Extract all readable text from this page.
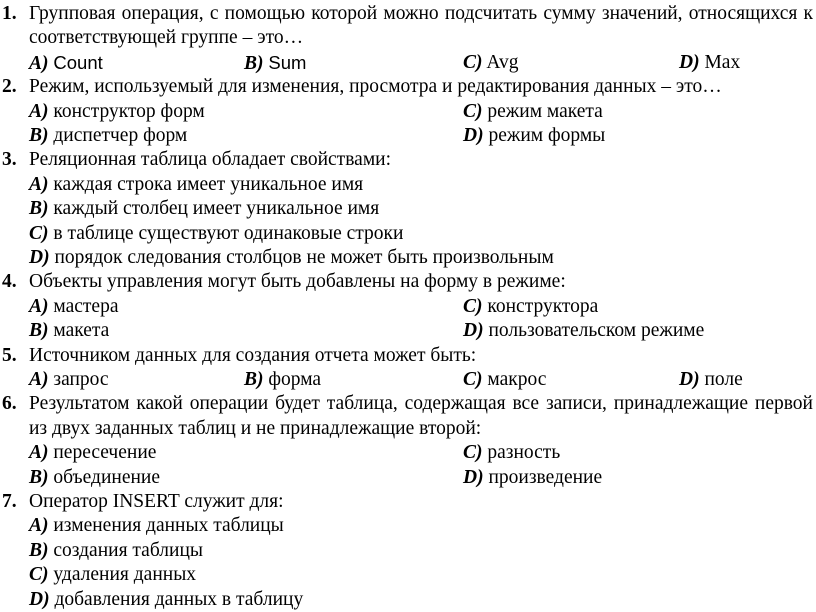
1. Групповая операция, с помощью которой можно подсчитать сумму значений, относящихся к соответствующей группе – это…
A) Count	B) Sum	C) Avg	D) Max
2. Режим, используемый для изменения, просмотра и редактирования данных – это…
A) конструктор форм	C) режим макета
B) диспетчер форм	D) режим формы
3. Реляционная таблица обладает свойствами:
A) каждая строка имеет уникальное имя
B) каждый столбец имеет уникальное имя
C) в таблице существуют одинаковые строки
D) порядок следования столбцов не может быть произвольным
4. Объекты управления могут быть добавлены на форму в режиме:
A) мастера	C) конструктора
B) макета	D) пользовательском режиме
5. Источником данных для создания отчета может быть:
A) запрос	B) форма	C) макрос	D) поле
6. Результатом какой операции будет таблица, содержащая все записи, принадлежащие первой из двух заданных таблиц и не принадлежащие второй:
A) пересечение	C) разность
B) объединение	D) произведение
7. Оператор INSERT служит для:
A) изменения данных таблицы
B) создания таблицы
C) удаления данных
D) добавления данных в таблицу
